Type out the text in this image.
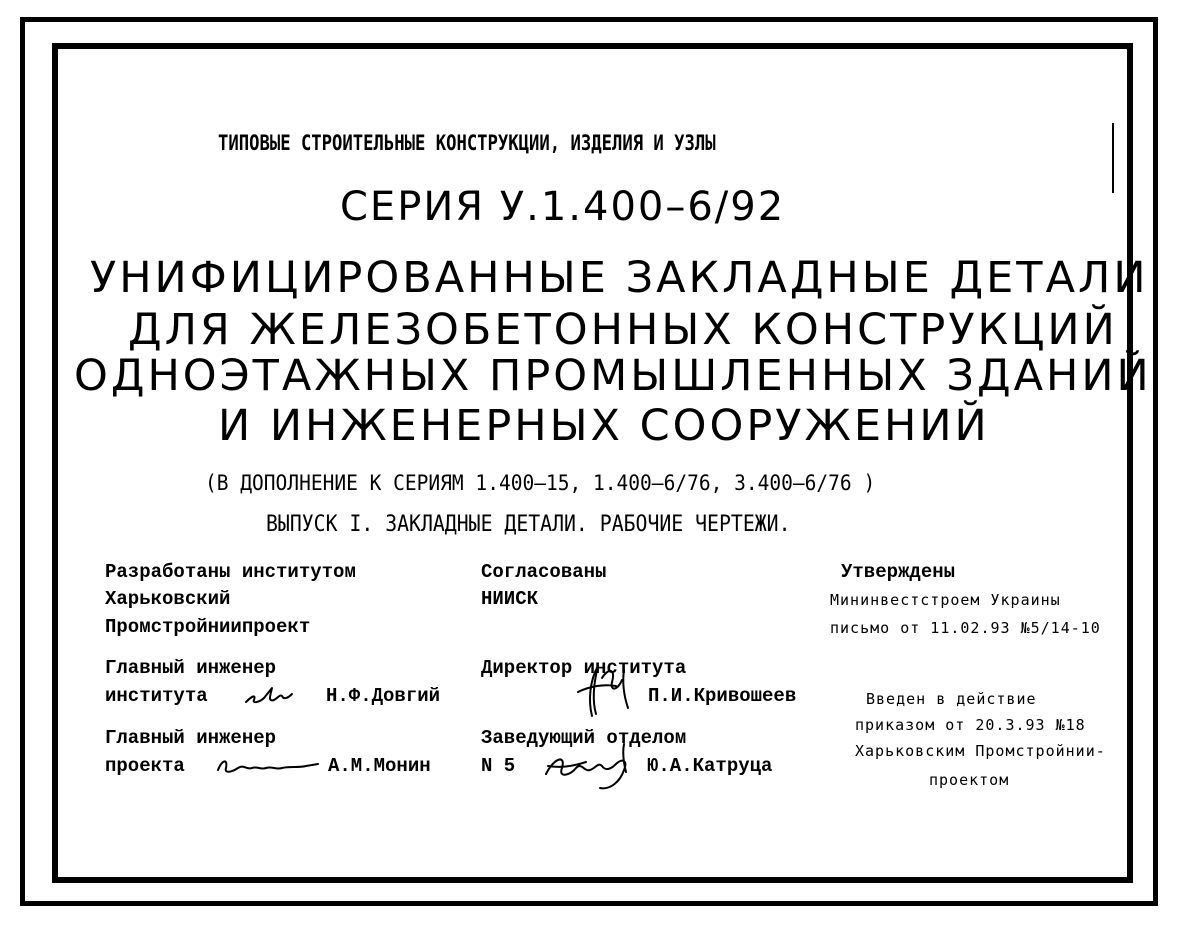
ТИПОВЫЕ СТРОИТЕЛЬНЫЕ КОНСТРУКЦИИ, ИЗДЕЛИЯ И УЗЛЫ
СЕРИЯ У.1.400–6/92
УНИФИЦИРОВАННЫЕ ЗАКЛАДНЫЕ ДЕТАЛИ
ДЛЯ ЖЕЛЕЗОБЕТОННЫХ КОНСТРУКЦИЙ
ОДНОЭТАЖНЫХ ПРОМЫШЛЕННЫХ ЗДАНИЙ
И ИНЖЕНЕРНЫХ СООРУЖЕНИЙ
(В ДОПОЛНЕНИЕ К СЕРИЯМ 1.400–15, 1.400–6/76, 3.400–6/76 )
ВЫПУСК I. ЗАКЛАДНЫЕ ДЕТАЛИ. РАБОЧИЕ ЧЕРТЕЖИ.
Разработаны институтом
Харьковский
Промстройниипроект
Согласованы
НИИСК
Утверждены
Мининвестстроем Украины
письмо от 11.02.93 №5/14-10
Главный инженер
института	Н.Ф.Довгий
Главный инженер
проекта	А.М.Монин
Директор института
П.И.Кривошеев
Заведующий отделом
N 5	Ю.А.Катруца
Введен в действие
приказом от 20.3.93 №18
Харьковским Промстройнии-
проектом
